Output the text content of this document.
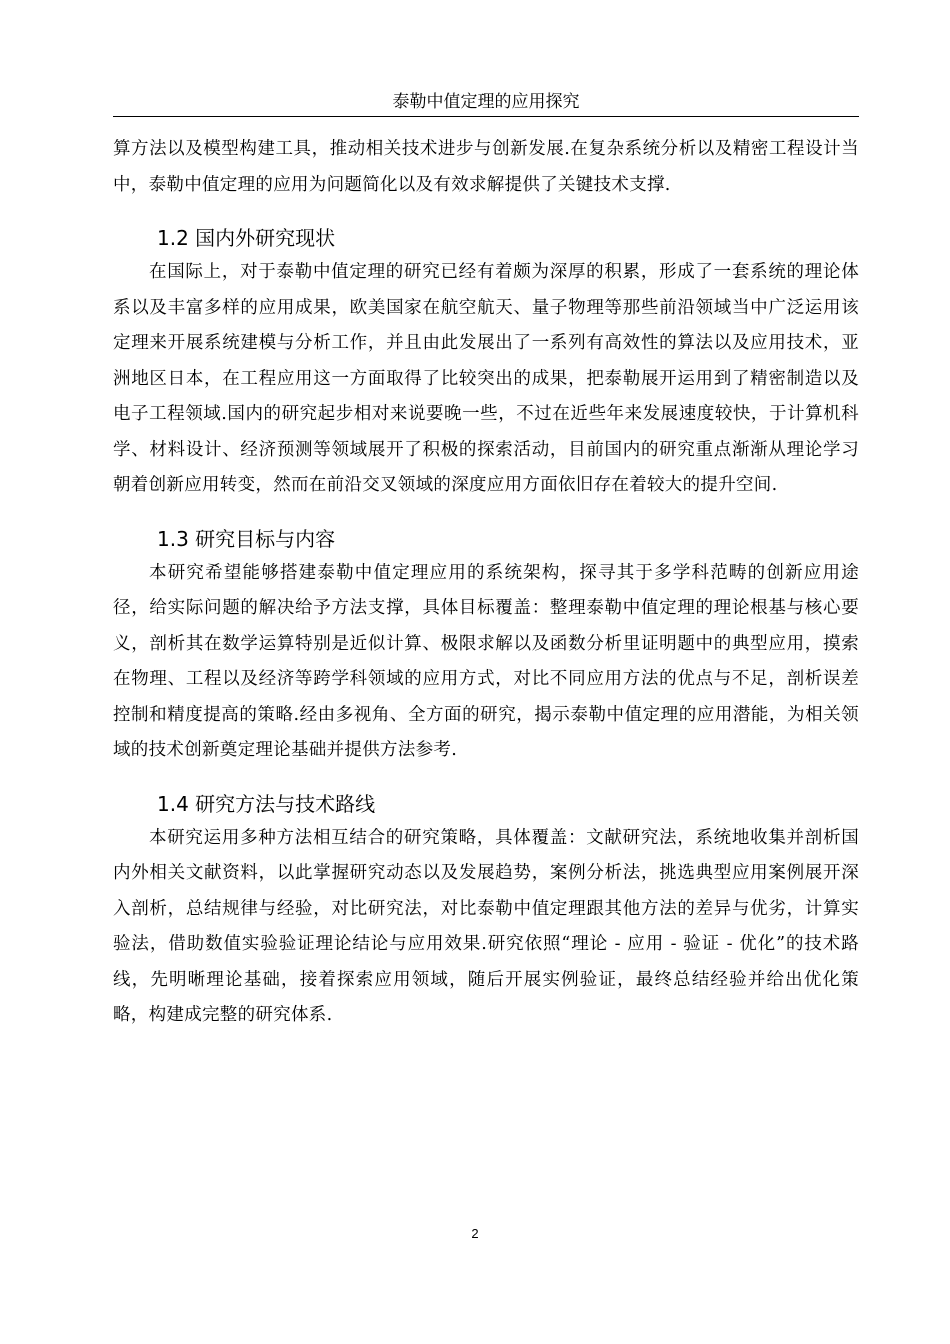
泰勒中值定理的应用探究

算方法以及模型构建工具，推动相关技术进步与创新发展.在复杂系统分析以及精密工程设计当中，泰勒中值定理的应用为问题简化以及有效求解提供了关键技术支撑.

1.2 国内外研究现状

在国际上，对于泰勒中值定理的研究已经有着颇为深厚的积累，形成了一套系统的理论体系以及丰富多样的应用成果，欧美国家在航空航天、量子物理等那些前沿领域当中广泛运用该定理来开展系统建模与分析工作，并且由此发展出了一系列有高效性的算法以及应用技术，亚洲地区日本，在工程应用这一方面取得了比较突出的成果，把泰勒展开运用到了精密制造以及电子工程领域.国内的研究起步相对来说要晚一些，不过在近些年来发展速度较快，于计算机科学、材料设计、经济预测等领域展开了积极的探索活动，目前国内的研究重点渐渐从理论学习朝着创新应用转变，然而在前沿交叉领域的深度应用方面依旧存在着较大的提升空间.

1.3 研究目标与内容

本研究希望能够搭建泰勒中值定理应用的系统架构，探寻其于多学科范畴的创新应用途径，给实际问题的解决给予方法支撑，具体目标覆盖：整理泰勒中值定理的理论根基与核心要义，剖析其在数学运算特别是近似计算、极限求解以及函数分析里证明题中的典型应用，摸索在物理、工程以及经济等跨学科领域的应用方式，对比不同应用方法的优点与不足，剖析误差控制和精度提高的策略.经由多视角、全方面的研究，揭示泰勒中值定理的应用潜能，为相关领域的技术创新奠定理论基础并提供方法参考.

1.4 研究方法与技术路线

本研究运用多种方法相互结合的研究策略，具体覆盖：文献研究法，系统地收集并剖析国内外相关文献资料，以此掌握研究动态以及发展趋势，案例分析法，挑选典型应用案例展开深入剖析，总结规律与经验，对比研究法，对比泰勒中值定理跟其他方法的差异与优劣，计算实验法，借助数值实验验证理论结论与应用效果.研究依照“理论 - 应用 - 验证 - 优化”的技术路线，先明晰理论基础，接着探索应用领域，随后开展实例验证，最终总结经验并给出优化策略，构建成完整的研究体系.

2
